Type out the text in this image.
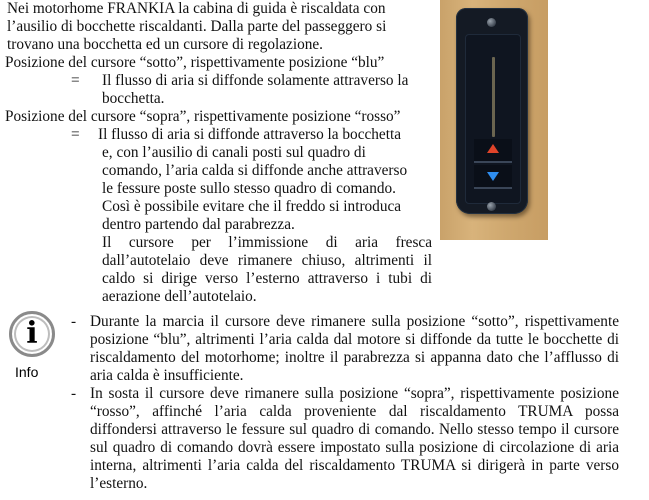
Nei motorhome FRANKIA la cabina di guida è riscaldata con
l’ausilio di bocchette riscaldanti. Dalla parte del passeggero si
trovano una bocchetta ed un cursore di regolazione.
Posizione del cursore “sotto”, rispettivamente posizione “blu”
= Il flusso di aria si diffonde solamente attraverso la
bocchetta.
Posizione del cursore “sopra”, rispettivamente posizione “rosso”
= Il flusso di aria si diffonde attraverso la bocchetta
e, con l’ausilio di canali posti sul quadro di
comando, l’aria calda si diffonde anche attraverso
le fessure poste sullo stesso quadro di comando.
Così è possibile evitare che il freddo si introduca
dentro partendo dal parabrezza.
Il cursore per l’immissione di aria fresca dall’autotelaio deve rimanere chiuso, altrimenti il caldo si dirige verso l’esterno attraverso i tubi di aerazione dell’autotelaio.
i
Info
- Durante la marcia il cursore deve rimanere sulla posizione “sotto”, rispettivamente posizione “blu”, altrimenti l’aria calda dal motore si diffonde da tutte le bocchette di riscaldamento del motorhome; inoltre il parabrezza si appanna dato che l’afflusso di aria calda è insufficiente.
- In sosta il cursore deve rimanere sulla posizione “sopra”, rispettivamente posizione “rosso”, affinché l’aria calda proveniente dal riscaldamento TRUMA possa diffondersi attraverso le fessure sul quadro di comando. Nello stesso tempo il cursore sul quadro di comando dovrà essere impostato sulla posizione di circolazione di aria interna, altrimenti l’aria calda del riscaldamento TRUMA si dirigerà in parte verso l’esterno.
